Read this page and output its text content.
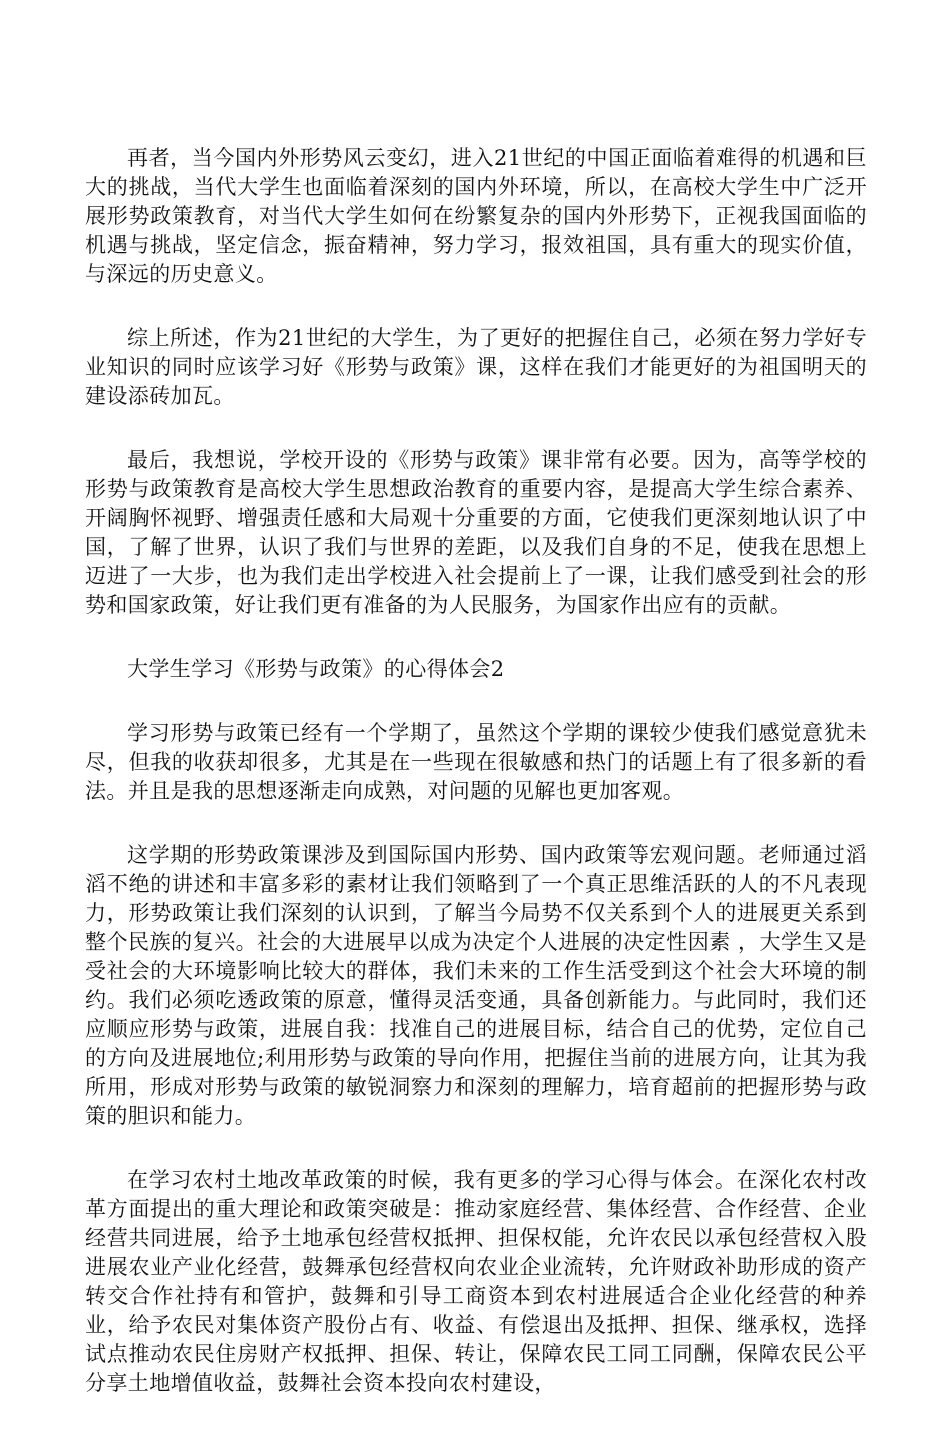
再者，当今国内外形势风云变幻，进入21世纪的中国正面临着难得的机遇和巨大的挑战，当代大学生也面临着深刻的国内外环境，所以，在高校大学生中广泛开展形势政策教育，对当代大学生如何在纷繁复杂的国内外形势下，正视我国面临的机遇与挑战，坚定信念，振奋精神，努力学习，报效祖国，具有重大的现实价值，与深远的历史意义。

综上所述，作为21世纪的大学生，为了更好的把握住自己，必须在努力学好专业知识的同时应该学习好《形势与政策》课，这样在我们才能更好的为祖国明天的建设添砖加瓦。

最后，我想说，学校开设的《形势与政策》课非常有必要。因为，高等学校的形势与政策教育是高校大学生思想政治教育的重要内容，是提高大学生综合素养、开阔胸怀视野、增强责任感和大局观十分重要的方面，它使我们更深刻地认识了中国，了解了世界，认识了我们与世界的差距，以及我们自身的不足，使我在思想上迈进了一大步，也为我们走出学校进入社会提前上了一课，让我们感受到社会的形势和国家政策，好让我们更有准备的为人民服务，为国家作出应有的贡献。

大学生学习《形势与政策》的心得体会2

学习形势与政策已经有一个学期了，虽然这个学期的课较少使我们感觉意犹未尽，但我的收获却很多，尤其是在一些现在很敏感和热门的话题上有了很多新的看法。并且是我的思想逐渐走向成熟，对问题的见解也更加客观。

这学期的形势政策课涉及到国际国内形势、国内政策等宏观问题。老师通过滔滔不绝的讲述和丰富多彩的素材让我们领略到了一个真正思维活跃的人的不凡表现力，形势政策让我们深刻的认识到，了解当今局势不仅关系到个人的进展更关系到整个民族的复兴。社会的大进展早以成为决定个人进展的决定性因素 ，大学生又是受社会的大环境影响比较大的群体，我们未来的工作生活受到这个社会大环境的制约。我们必须吃透政策的原意，懂得灵活变通，具备创新能力。与此同时，我们还应顺应形势与政策，进展自我：找准自己的进展目标，结合自己的优势，定位自己的方向及进展地位;利用形势与政策的导向作用，把握住当前的进展方向，让其为我所用，形成对形势与政策的敏锐洞察力和深刻的理解力，培育超前的把握形势与政策的胆识和能力。

在学习农村土地改革政策的时候，我有更多的学习心得与体会。在深化农村改革方面提出的重大理论和政策突破是：推动家庭经营、集体经营、合作经营、企业经营共同进展，给予土地承包经营权抵押、担保权能，允许农民以承包经营权入股进展农业产业化经营，鼓舞承包经营权向农业企业流转，允许财政补助形成的资产转交合作社持有和管护，鼓舞和引导工商资本到农村进展适合企业化经营的种养业，给予农民对集体资产股份占有、收益、有偿退出及抵押、担保、继承权，选择试点推动农民住房财产权抵押、担保、转让，保障农民工同工同酬，保障农民公平分享土地增值收益，鼓舞社会资本投向农村建设，
